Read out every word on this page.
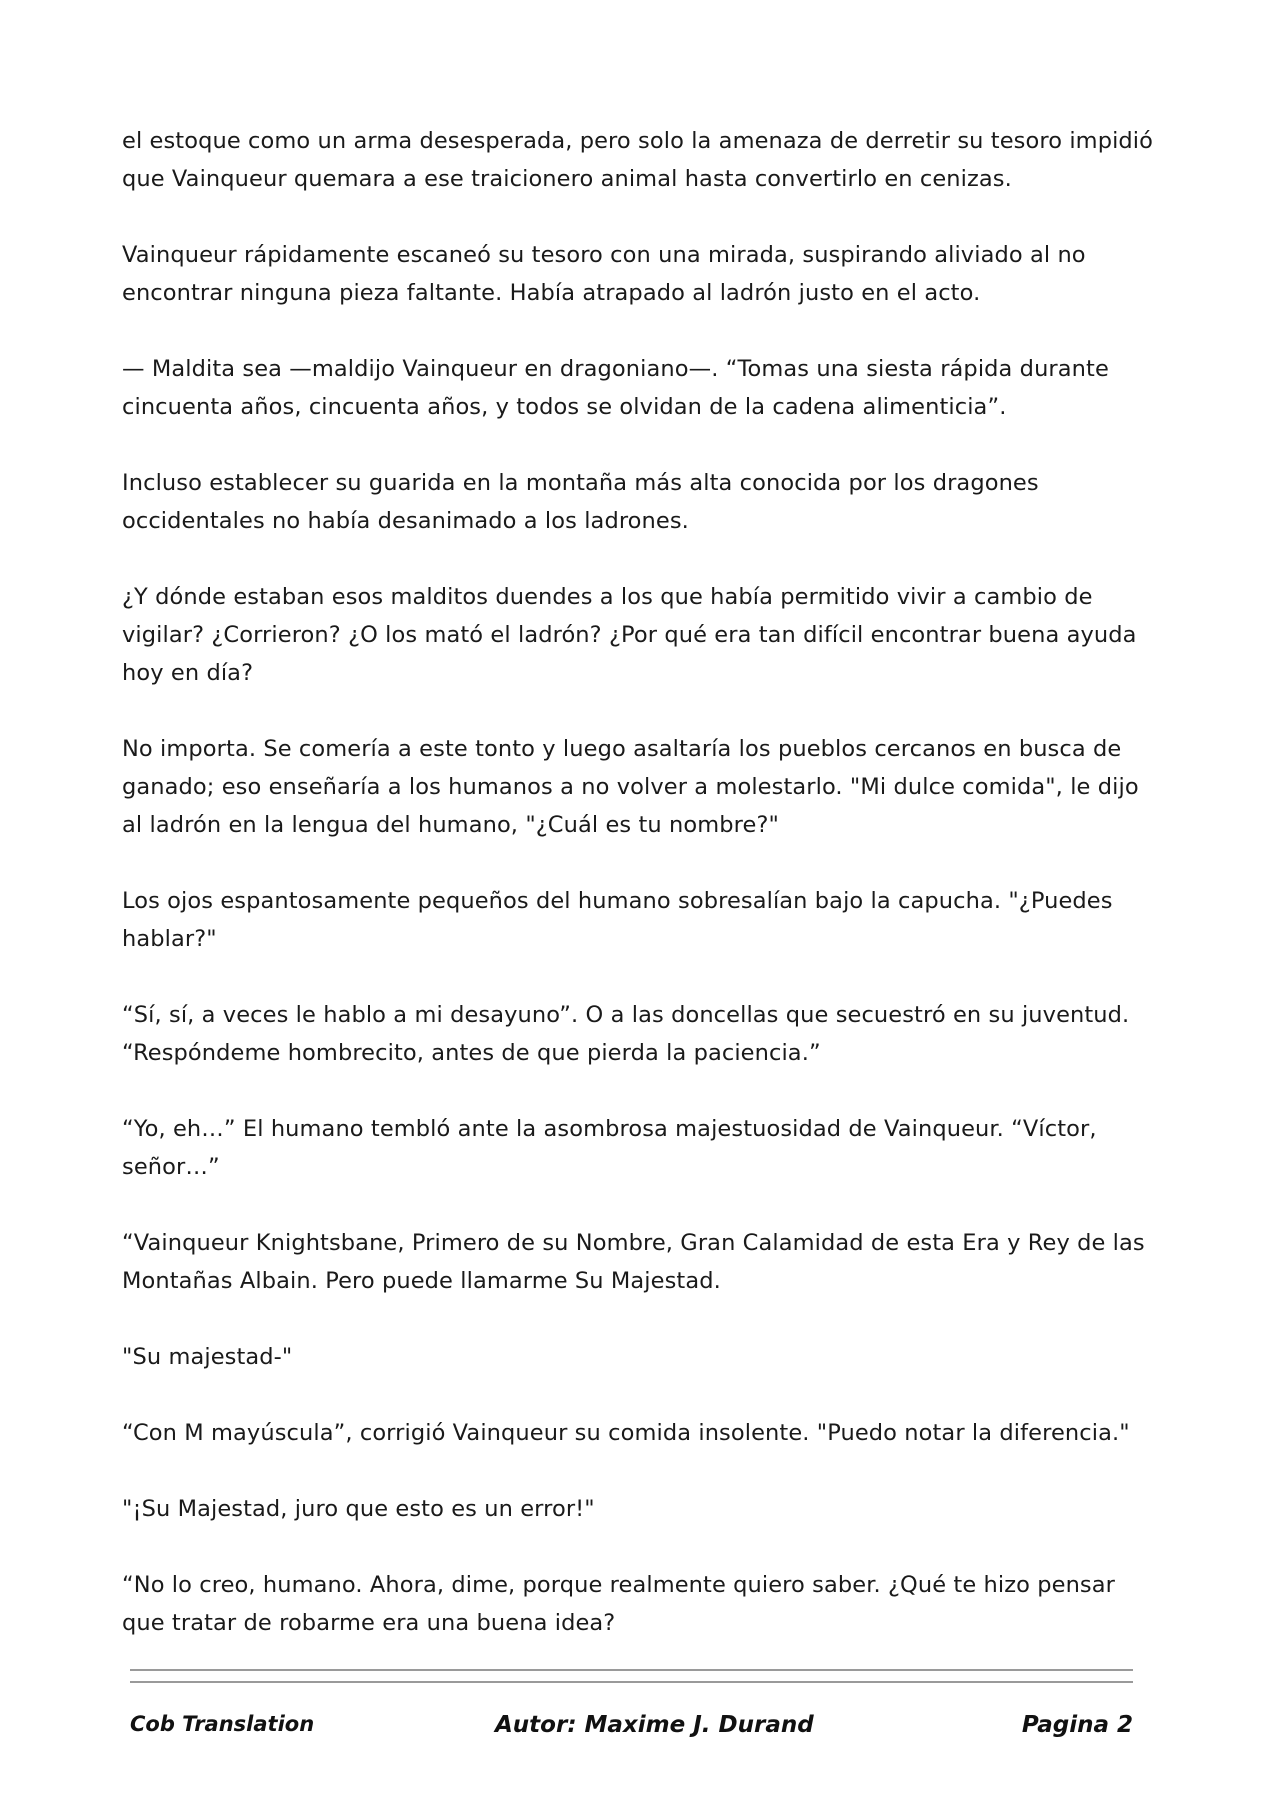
el estoque como un arma desesperada, pero solo la amenaza de derretir su tesoro impidió que Vainqueur quemara a ese traicionero animal hasta convertirlo en cenizas.

Vainqueur rápidamente escaneó su tesoro con una mirada, suspirando aliviado al no encontrar ninguna pieza faltante. Había atrapado al ladrón justo en el acto.

— Maldita sea —maldijo Vainqueur en dragoniano—. “Tomas una siesta rápida durante cincuenta años, cincuenta años, y todos se olvidan de la cadena alimenticia”.

Incluso establecer su guarida en la montaña más alta conocida por los dragones occidentales no había desanimado a los ladrones.

¿Y dónde estaban esos malditos duendes a los que había permitido vivir a cambio de vigilar? ¿Corrieron? ¿O los mató el ladrón? ¿Por qué era tan difícil encontrar buena ayuda hoy en día?

No importa. Se comería a este tonto y luego asaltaría los pueblos cercanos en busca de ganado; eso enseñaría a los humanos a no volver a molestarlo. "Mi dulce comida", le dijo al ladrón en la lengua del humano, "¿Cuál es tu nombre?"

Los ojos espantosamente pequeños del humano sobresalían bajo la capucha. "¿Puedes hablar?"

“Sí, sí, a veces le hablo a mi desayuno”. O a las doncellas que secuestró en su juventud. “Respóndeme hombrecito, antes de que pierda la paciencia.”

“Yo, eh…” El humano tembló ante la asombrosa majestuosidad de Vainqueur. “Víctor, señor…”

“Vainqueur Knightsbane, Primero de su Nombre, Gran Calamidad de esta Era y Rey de las Montañas Albain. Pero puede llamarme Su Majestad.

"Su majestad-"

“Con M mayúscula”, corrigió Vainqueur su comida insolente. "Puedo notar la diferencia."

"¡Su Majestad, juro que esto es un error!"

“No lo creo, humano. Ahora, dime, porque realmente quiero saber. ¿Qué te hizo pensar que tratar de robarme era una buena idea?

Cob Translation	Autor: Maxime J. Durand	Pagina 2
